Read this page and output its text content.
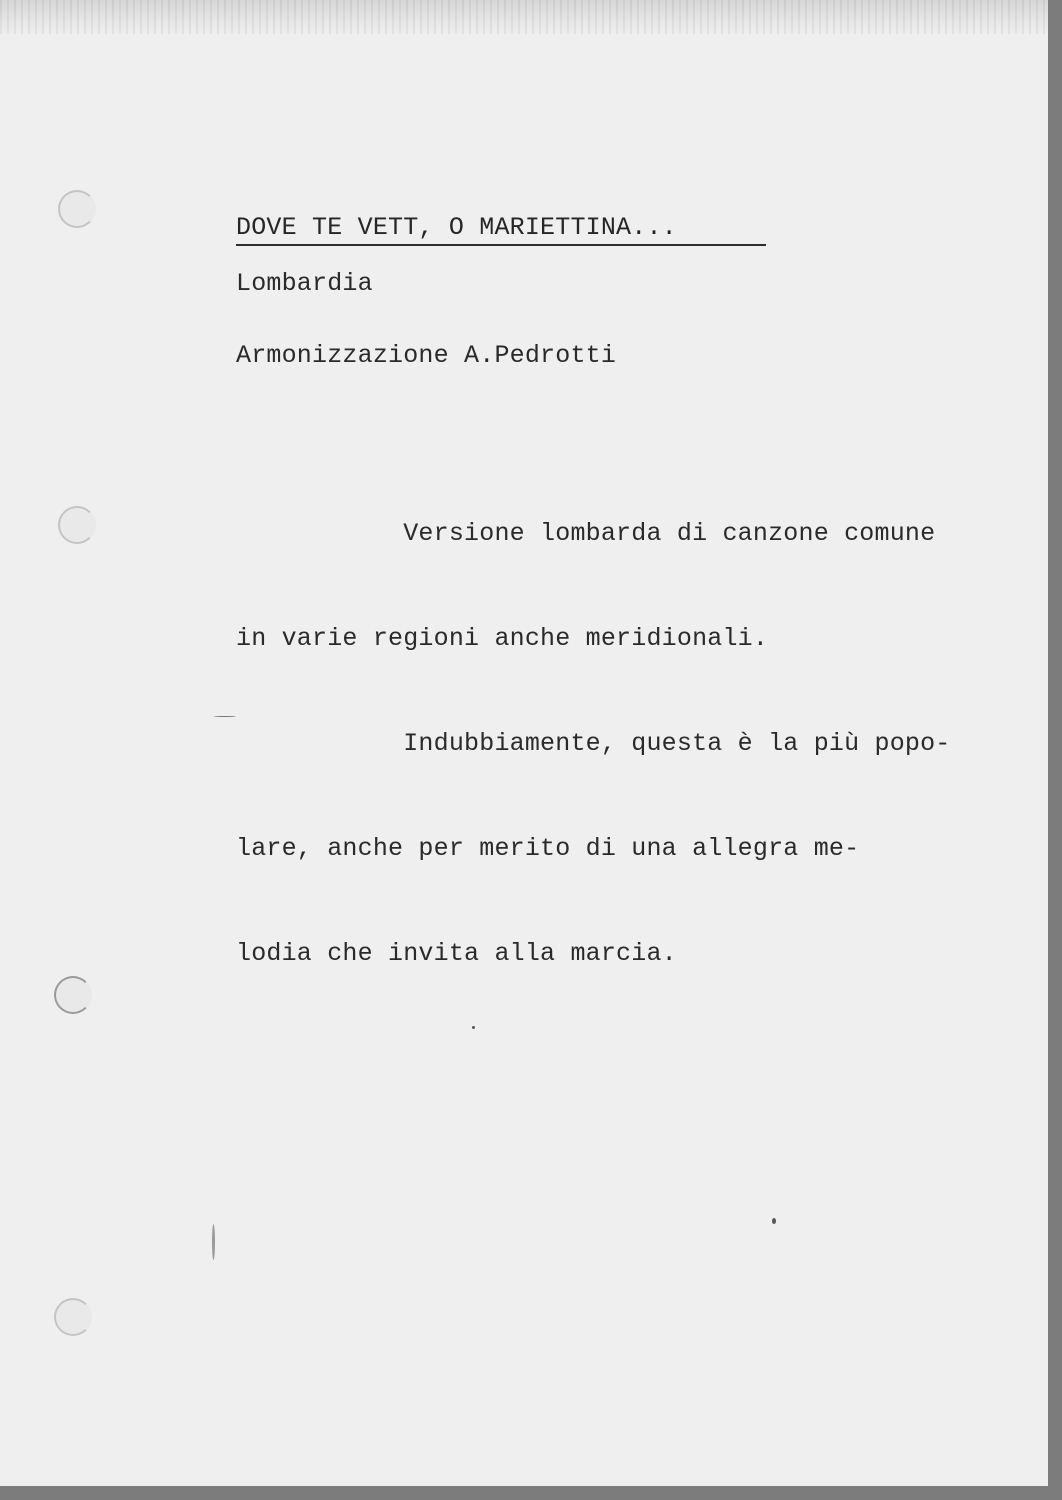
DOVE TE VETT, O MARIETTINA...

Lombardia

Armonizzazione A.Pedrotti

Versione lombarda di canzone comune

in varie regioni anche meridionali.

Indubbiamente, questa è la più popo-

lare, anche per merito di una allegra me-

lodia che invita alla marcia.
